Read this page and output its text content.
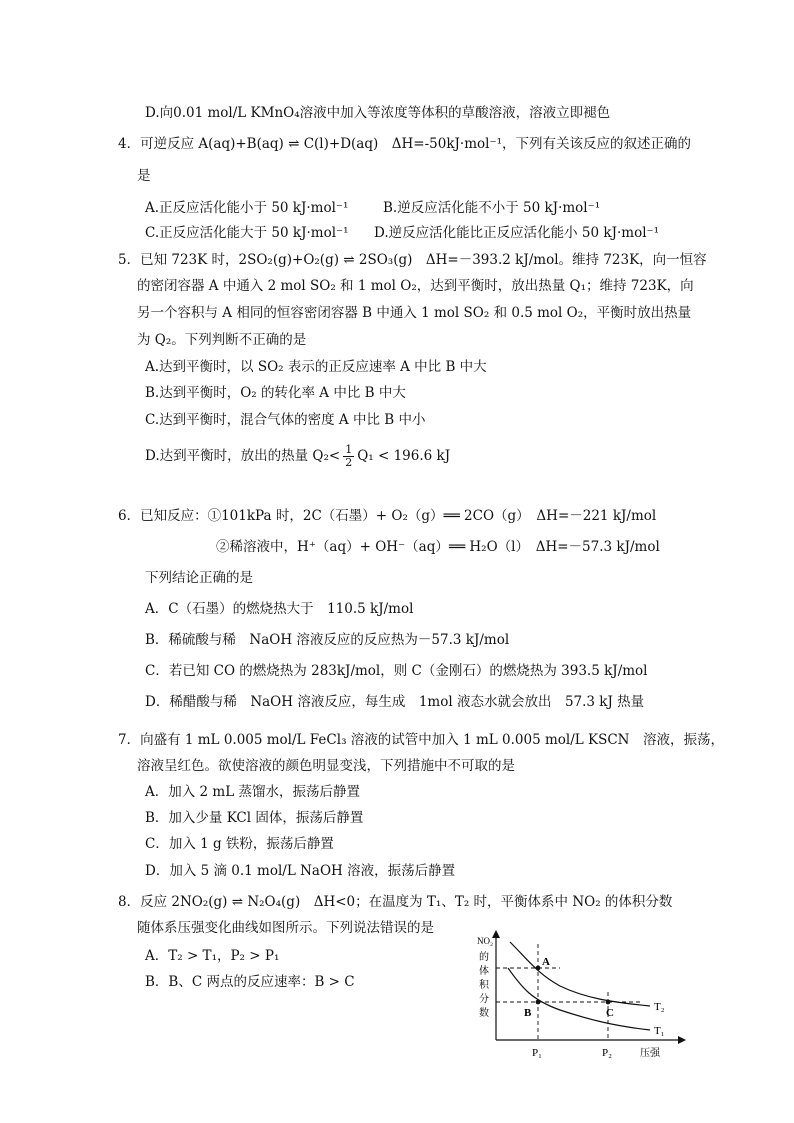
D.向0.01 mol/L KMnO₄溶液中加入等浓度等体积的草酸溶液，溶液立即褪色
4．可逆反应 A(aq)+B(aq) ⇌ C(l)+D(aq)　ΔH=-50kJ·mol⁻¹，下列有关该反应的叙述正确的
是
A.正反应活化能小于 50 kJ·mol⁻¹	B.逆反应活化能不小于 50 kJ·mol⁻¹
C.正反应活化能大于 50 kJ·mol⁻¹ D.逆反应活化能比正反应活化能小 50 kJ·mol⁻¹
5．已知 723K 时，2SO₂(g)+O₂(g) ⇌ 2SO₃(g)　ΔH=－393.2 kJ/mol。维持 723K，向一恒容
的密闭容器 A 中通入 2 mol SO₂ 和 1 mol O₂，达到平衡时，放出热量 Q₁；维持 723K，向
另一个容积与 A 相同的恒容密闭容器 B 中通入 1 mol SO₂ 和 0.5 mol O₂，平衡时放出热量
为 Q₂。下列判断不正确的是
A.达到平衡时，以 SO₂ 表示的正反应速率 A 中比 B 中大
B.达到平衡时，O₂ 的转化率 A 中比 B 中大
C.达到平衡时，混合气体的密度 A 中比 B 中小
D.达到平衡时，放出的热量 $Q_2< \frac{1}{2} Q_1 < 196.6$ kJ
6．已知反应：①101kPa 时，2C（石墨）+ O₂（g）══ 2CO（g）　ΔH=－221 kJ/mol
②稀溶液中，H⁺（aq）+ OH⁻（aq）══ H₂O（l）　ΔH=－57.3 kJ/mol
下列结论正确的是
A．C（石墨）的燃烧热大于　110.5 kJ/mol
B．稀硫酸与稀　NaOH 溶液反应的反应热为－57.3 kJ/mol
C．若已知 CO 的燃烧热为 283kJ/mol，则 C（金刚石）的燃烧热为 393.5 kJ/mol
D．稀醋酸与稀　NaOH 溶液反应，每生成　1mol 液态水就会放出　57.3 kJ 热量
7．向盛有 1 mL 0.005 mol/L FeCl₃ 溶液的试管中加入 1 mL 0.005 mol/L KSCN　溶液，振荡，
溶液呈红色。欲使溶液的颜色明显变浅，下列措施中不可取的是
A．加入 2 mL 蒸馏水，振荡后静置
B．加入少量 KCl 固体，振荡后静置
C．加入 1 g 铁粉，振荡后静置
D．加入 5 滴 0.1 mol/L NaOH 溶液，振荡后静置
8．反应 2NO₂(g) ⇌ N₂O₄(g)　ΔH<0；在温度为 T₁、T₂ 时，平衡体系中 NO₂ 的体积分数
随体系压强变化曲线如图所示。下列说法错误的是
A．T₂ > T₁，P₂ > P₁
B．B、C 两点的反应速率：B > C
NO₂
的
体
积
分
数
A
B	C	T₂
T₁
P₁	P₂	压强
